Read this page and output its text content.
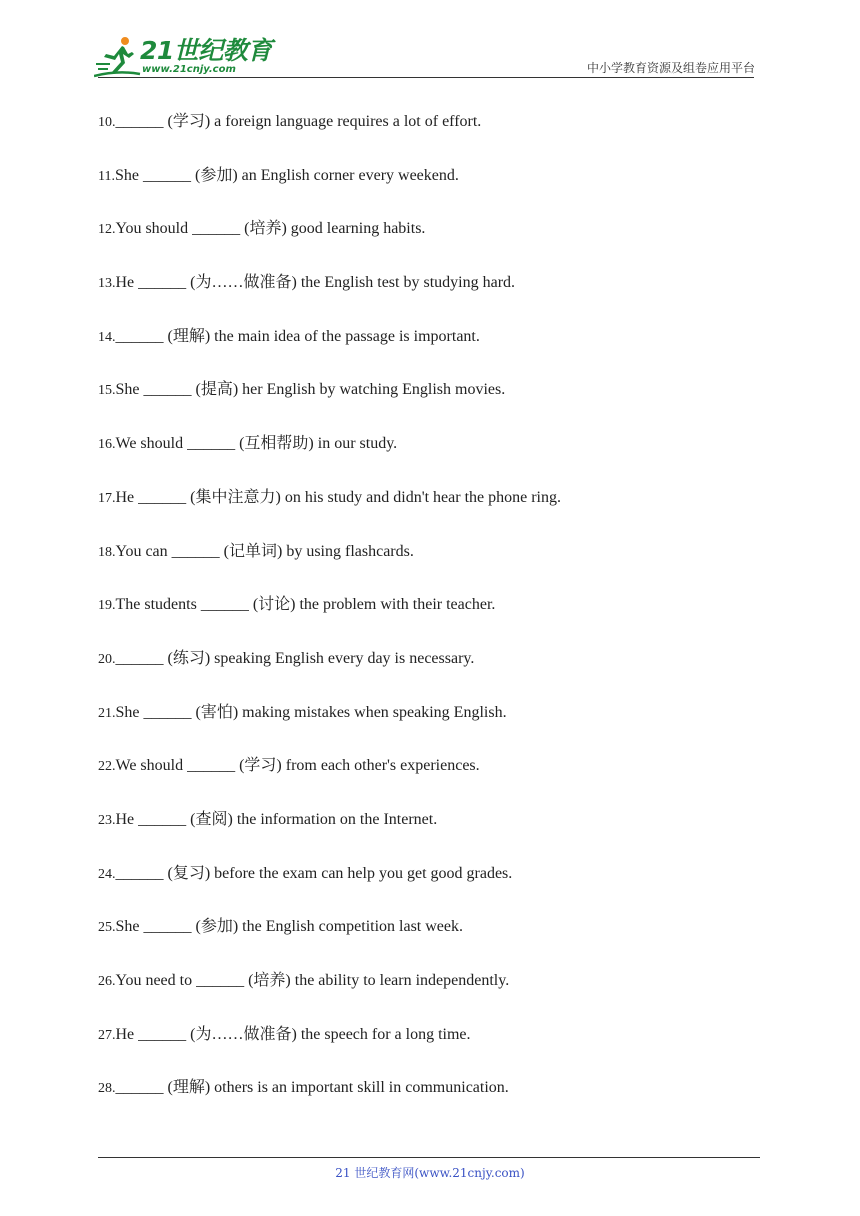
21世纪教育
www.21cnjy.com	中小学教育资源及组卷应用平台
10.______ (学习) a foreign language requires a lot of effort.
11.She ______ (参加) an English corner every weekend.
12.You should ______ (培养) good learning habits.
13.He ______ (为……做准备) the English test by studying hard.
14.______ (理解) the main idea of the passage is important.
15.She ______ (提高) her English by watching English movies.
16.We should ______ (互相帮助) in our study.
17.He ______ (集中注意力) on his study and didn't hear the phone ring.
18.You can ______ (记单词) by using flashcards.
19.The students ______ (讨论) the problem with their teacher.
20.______ (练习) speaking English every day is necessary.
21.She ______ (害怕) making mistakes when speaking English.
22.We should ______ (学习) from each other's experiences.
23.He ______ (查阅) the information on the Internet.
24.______ (复习) before the exam can help you get good grades.
25.She ______ (参加) the English competition last week.
26.You need to ______ (培养) the ability to learn independently.
27.He ______ (为……做准备) the speech for a long time.
28.______ (理解) others is an important skill in communication.
21 世纪教育网(www.21cnjy.com)
